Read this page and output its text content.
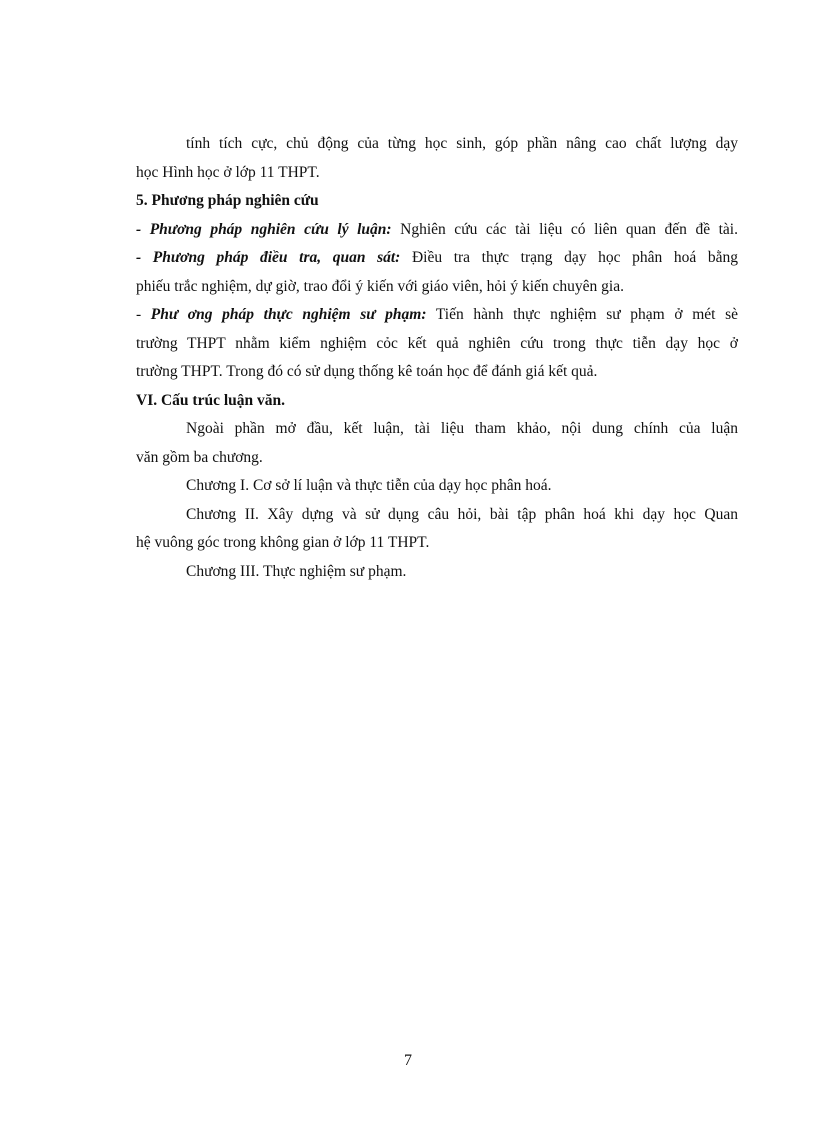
tính tích cực, chủ động của từng học sinh, góp phần nâng cao chất lượng dạy
học Hình học ở lớp 11 THPT.

5. Phương pháp nghiên cứu

- Phương pháp nghiên cứu lý luận: Nghiên cứu các tài liệu có liên quan đến đề tài.

- Phương pháp điều tra, quan sát: Điều tra thực trạng dạy học phân hoá bằng
phiếu trắc nghiệm, dự giờ, trao đổi ý kiến với giáo viên, hỏi ý kiến chuyên gia.

- Phư ơng pháp thực nghiệm sư phạm: Tiến hành thực nghiệm sư phạm ở mét sè
trường THPT nhằm kiểm nghiệm cỏc kết quả nghiên cứu trong thực tiễn dạy học ở
trường THPT. Trong đó có sử dụng thống kê toán học để đánh giá kết quả.

VI. Cấu trúc luận văn.

Ngoài phần mở đầu, kết luận, tài liệu tham khảo, nội dung chính của luận
văn gồm ba chương.

Chương I. Cơ sở lí luận và thực tiễn của dạy học phân hoá.

Chương II. Xây dựng và sử dụng câu hỏi, bài tập phân hoá khi dạy học Quan
hệ vuông góc trong không gian ở lớp 11 THPT.

Chương III. Thực nghiệm sư phạm.

7
